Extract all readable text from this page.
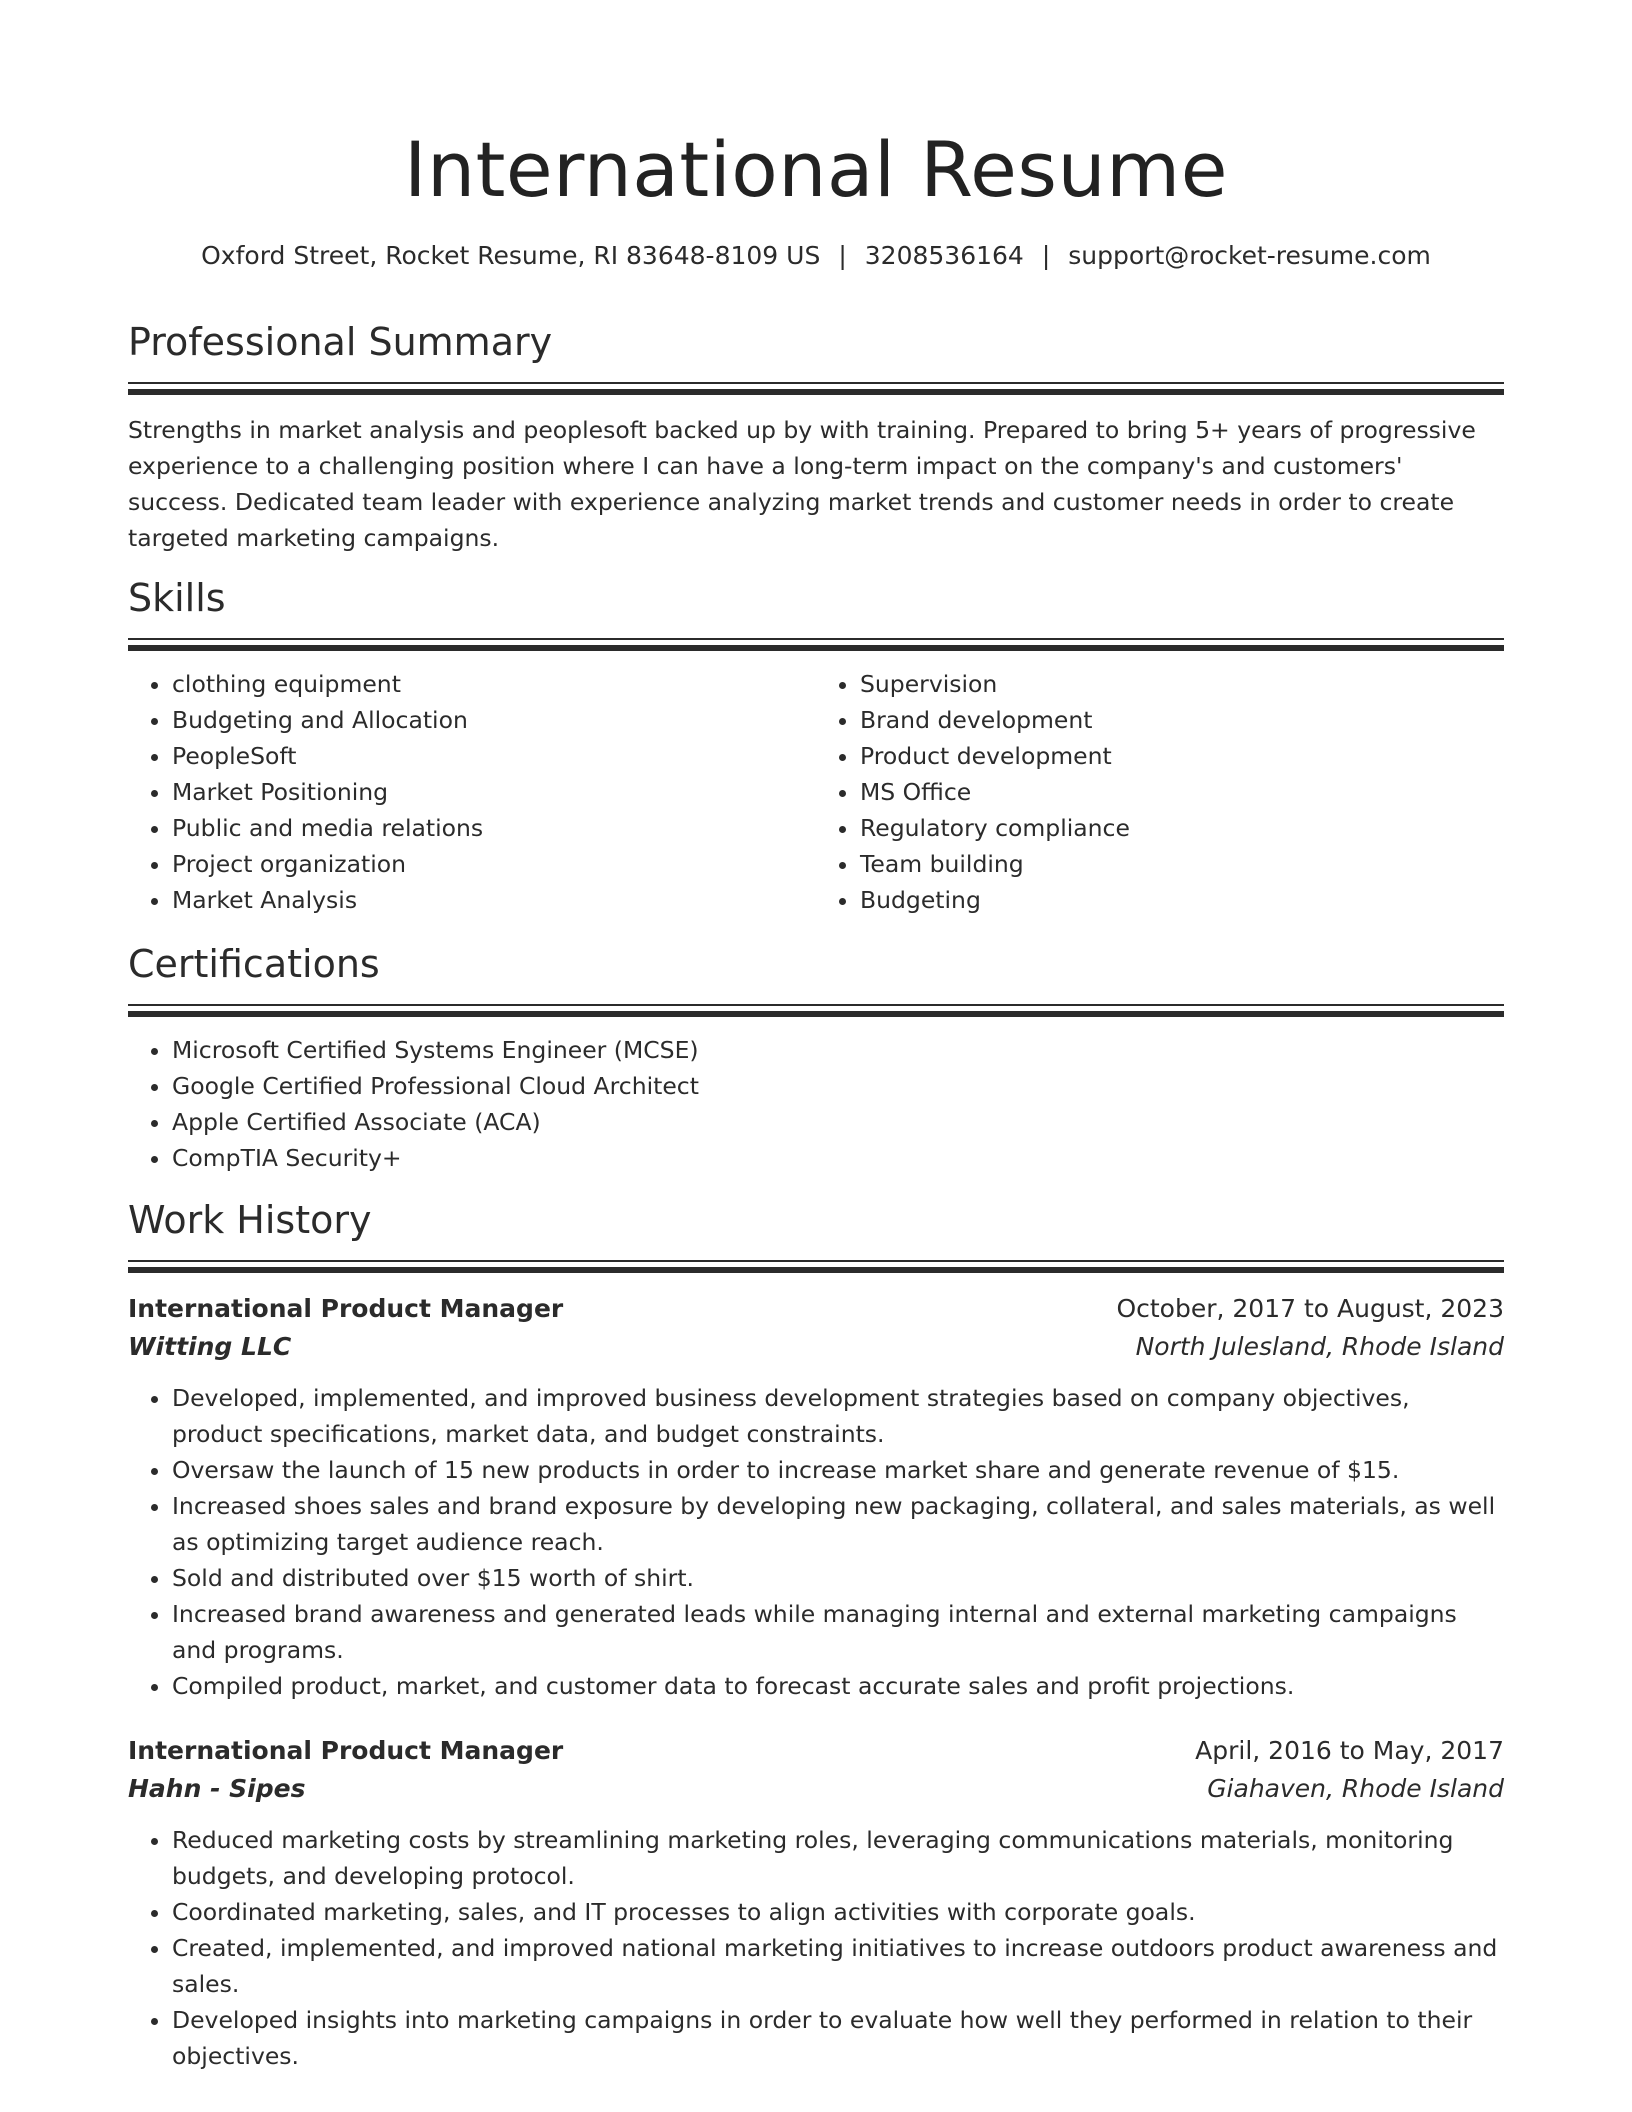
International Resume
Oxford Street, Rocket Resume, RI 83648-8109 US | 3208536164 | support@rocket-resume.com
Professional Summary

Strengths in market analysis and peoplesoft backed up by with training. Prepared to bring 5+ years of progressive experience to a challenging position where I can have a long-term impact on the company's and customers' success. Dedicated team leader with experience analyzing market trends and customer needs in order to create targeted marketing campaigns.

Skills
• clothing equipment
• Budgeting and Allocation
• PeopleSoft
• Market Positioning
• Public and media relations
• Project organization
• Market Analysis
• Supervision
• Brand development
• Product development
• MS Office
• Regulatory compliance
• Team building
• Budgeting
Certifications
• Microsoft Certified Systems Engineer (MCSE)
• Google Certified Professional Cloud Architect
• Apple Certified Associate (ACA)
• CompTIA Security+
Work History
International Product Manager	October, 2017 to August, 2023
Witting LLC	North Julesland, Rhode Island
• Developed, implemented, and improved business development strategies based on company objectives, product specifications, market data, and budget constraints.
• Oversaw the launch of 15 new products in order to increase market share and generate revenue of $15.
• Increased shoes sales and brand exposure by developing new packaging, collateral, and sales materials, as well as optimizing target audience reach.
• Sold and distributed over $15 worth of shirt.
• Increased brand awareness and generated leads while managing internal and external marketing campaigns and programs.
• Compiled product, market, and customer data to forecast accurate sales and profit projections.
International Product Manager	April, 2016 to May, 2017
Hahn - Sipes	Giahaven, Rhode Island
• Reduced marketing costs by streamlining marketing roles, leveraging communications materials, monitoring budgets, and developing protocol.
• Coordinated marketing, sales, and IT processes to align activities with corporate goals.
• Created, implemented, and improved national marketing initiatives to increase outdoors product awareness and sales.
• Developed insights into marketing campaigns in order to evaluate how well they performed in relation to their objectives.
